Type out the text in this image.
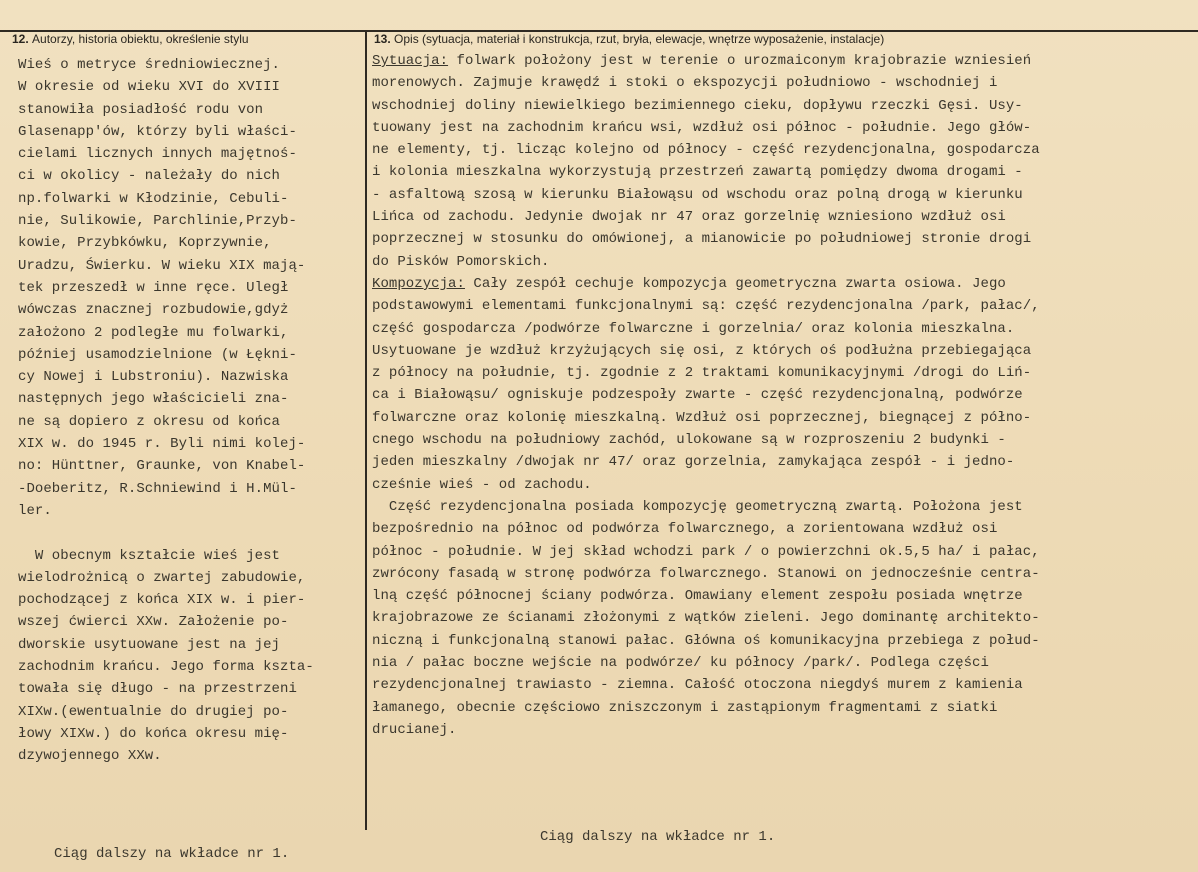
12. Autorzy, historia obiektu, określenie stylu	13. Opis (sytuacja, materiał i konstrukcja, rzut, bryła, elewacje, wnętrze wyposażenie, instalacje)
Wieś o metryce średniowiecznej.
W okresie od wieku XVI do XVIII
stanowiła posiadłość rodu von
Glasenapp'ów, którzy byli właści-
cielami licznych innych majętnoś-
ci w okolicy - należały do nich
np.folwarki w Kłodzinie, Cebuli-
nie, Sulikowie, Parchlinie,Przyb-
kowie, Przybkówku, Koprzywnie,
Uradzu, Świerku. W wieku XIX mają-
tek przeszedł w inne ręce. Uległ
wówczas znacznej rozbudowie,gdyż
założono 2 podległe mu folwarki,
później usamodzielnione (w Łękni-
cy Nowej i Lubstroniu). Nazwiska
następnych jego właścicieli zna-
ne są dopiero z okresu od końca
XIX w. do 1945 r. Byli nimi kolej-
no: Hünttner, Graunke, von Knabel-
-Doeberitz, R.Schniewind i H.Mül-
ler.
W obecnym kształcie wieś jest
wielodrożnicą o zwartej zabudowie,
pochodzącej z końca XIX w. i pier-
wszej ćwierci XXw. Założenie po-
dworskie usytuowane jest na jej
zachodnim krańcu. Jego forma kszta-
towała się długo - na przestrzeni
XIXw.(ewentualnie do drugiej po-
łowy XIXw.) do końca okresu mię-
dzywojennego XXw.
Sytuacja: folwark położony jest w terenie o urozmaiconym krajobrazie wzniesień
morenowych. Zajmuje krawędź i stoki o ekspozycji południowo - wschodniej i
wschodniej doliny niewielkiego bezimiennego cieku, dopływu rzeczki Gęsi. Usy-
tuowany jest na zachodnim krańcu wsi, wzdłuż osi północ - południe. Jego głów-
ne elementy, tj. licząc kolejno od północy - część rezydencjonalna, gospodarcza
i kolonia mieszkalna wykorzystują przestrzeń zawartą pomiędzy dwoma drogami -
- asfaltową szosą w kierunku Białowąsu od wschodu oraz polną drogą w kierunku
Lińca od zachodu. Jedynie dwojak nr 47 oraz gorzelnię wzniesiono wzdłuż osi
poprzecznej w stosunku do omówionej, a mianowicie po południowej stronie drogi
do Pisków Pomorskich.
Kompozycja: Cały zespół cechuje kompozycja geometryczna zwarta osiowa. Jego
podstawowymi elementami funkcjonalnymi są: część rezydencjonalna /park, pałac/,
część gospodarcza /podwórze folwarczne i gorzelnia/ oraz kolonia mieszkalna.
Usytuowane je wzdłuż krzyżujących się osi, z których oś podłużna przebiegająca
z północy na południe, tj. zgodnie z 2 traktami komunikacyjnymi /drogi do Liń-
ca i Białowąsu/ ogniskuje podzespoły zwarte - część rezydencjonalną, podwórze
folwarczne oraz kolonię mieszkalną. Wzdłuż osi poprzecznej, biegnącej z półno-
cnego wschodu na południowy zachód, ulokowane są w rozproszeniu 2 budynki -
jeden mieszkalny /dwojak nr 47/ oraz gorzelnia, zamykająca zespół - i jedno-
cześnie wieś - od zachodu.
Część rezydencjonalna posiada kompozycję geometryczną zwartą. Położona jest
bezpośrednio na północ od podwórza folwarcznego, a zorientowana wzdłuż osi
północ - południe. W jej skład wchodzi park / o powierzchni ok.5,5 ha/ i pałac,
zwrócony fasadą w stronę podwórza folwarcznego. Stanowi on jednocześnie centra-
lną część północnej ściany podwórza. Omawiany element zespołu posiada wnętrze
krajobrazowe ze ścianami złożonymi z wątków zieleni. Jego dominantę architekto-
niczną i funkcjonalną stanowi pałac. Główna oś komunikacyjna przebiega z połud-
nia / pałac boczne wejście na podwórze/ ku północy /park/. Podlega części
rezydencjonalnej trawiasto - ziemna. Całość otoczona niegdyś murem z kamienia
łamanego, obecnie częściowo zniszczonym i zastąpionym fragmentami z siatki
drucianej.
Ciąg dalszy na wkładce nr 1.
Ciąg dalszy na wkładce nr 1.
